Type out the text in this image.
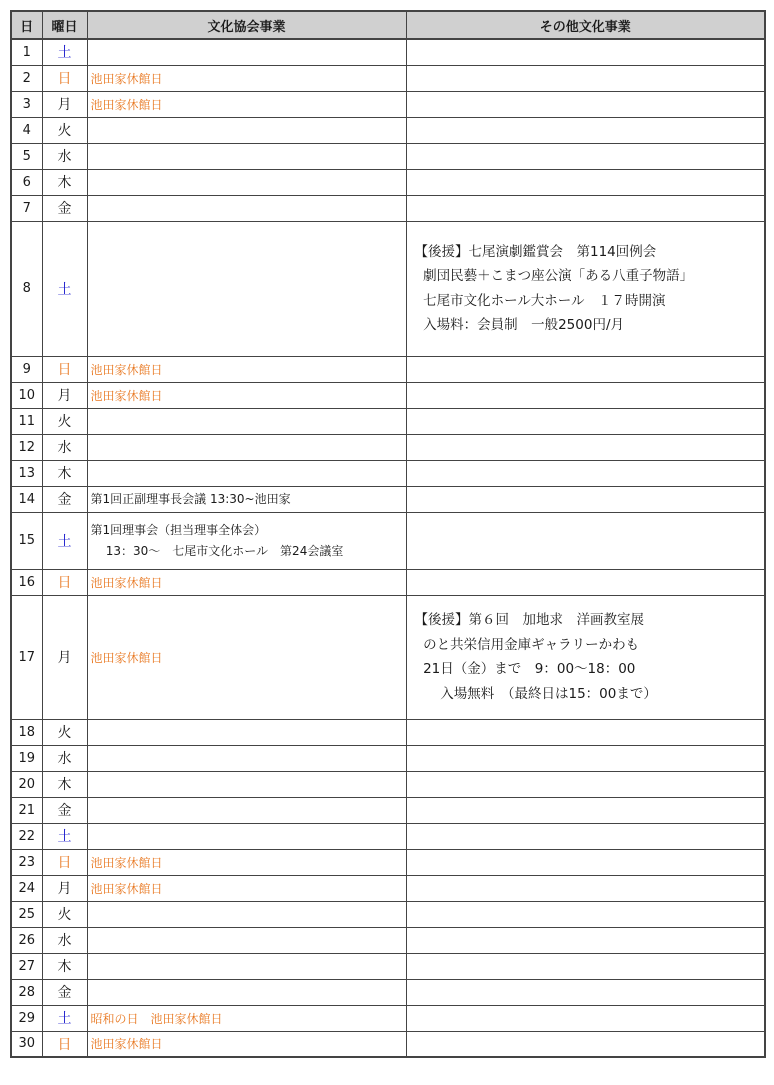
日	曜日	文化協会事業	その他文化事業
1	土		
2	日	池田家休館日	
3	月	池田家休館日	
4	火		
5	水		
6	木		
7	金		
8	土		【後援】七尾演劇鑑賞会　第114回例会
劇団民藝＋こまつ座公演「ある八重子物語」
七尾市文化ホール大ホール　１７時開演
入場料：会員制　一般2500円/月

9	日	池田家休館日	
10	月	池田家休館日	
11	火		
12	水		
13	木		
14	金	第1回正副理事長会議 13:30~池田家	

15	土	第1回理事会（担当理事全体会）
13：30～　七尾市文化ホール　第24会議室	

16	日	池田家休館日	
17	月	池田家休館日	【後援】第６回　加地求　洋画教室展
のと共栄信用金庫ギャラリーかわも
21日（金）まで　9：00～18：00
入場無料　（最終日は15：00まで）

18	火		
19	水		
20	木		
21	金		
22	土		
23	日	池田家休館日	
24	月	池田家休館日	
25	火		
26	水		
27	木		
28	金		
29	土	昭和の日　池田家休館日	
30	日	池田家休館日	
